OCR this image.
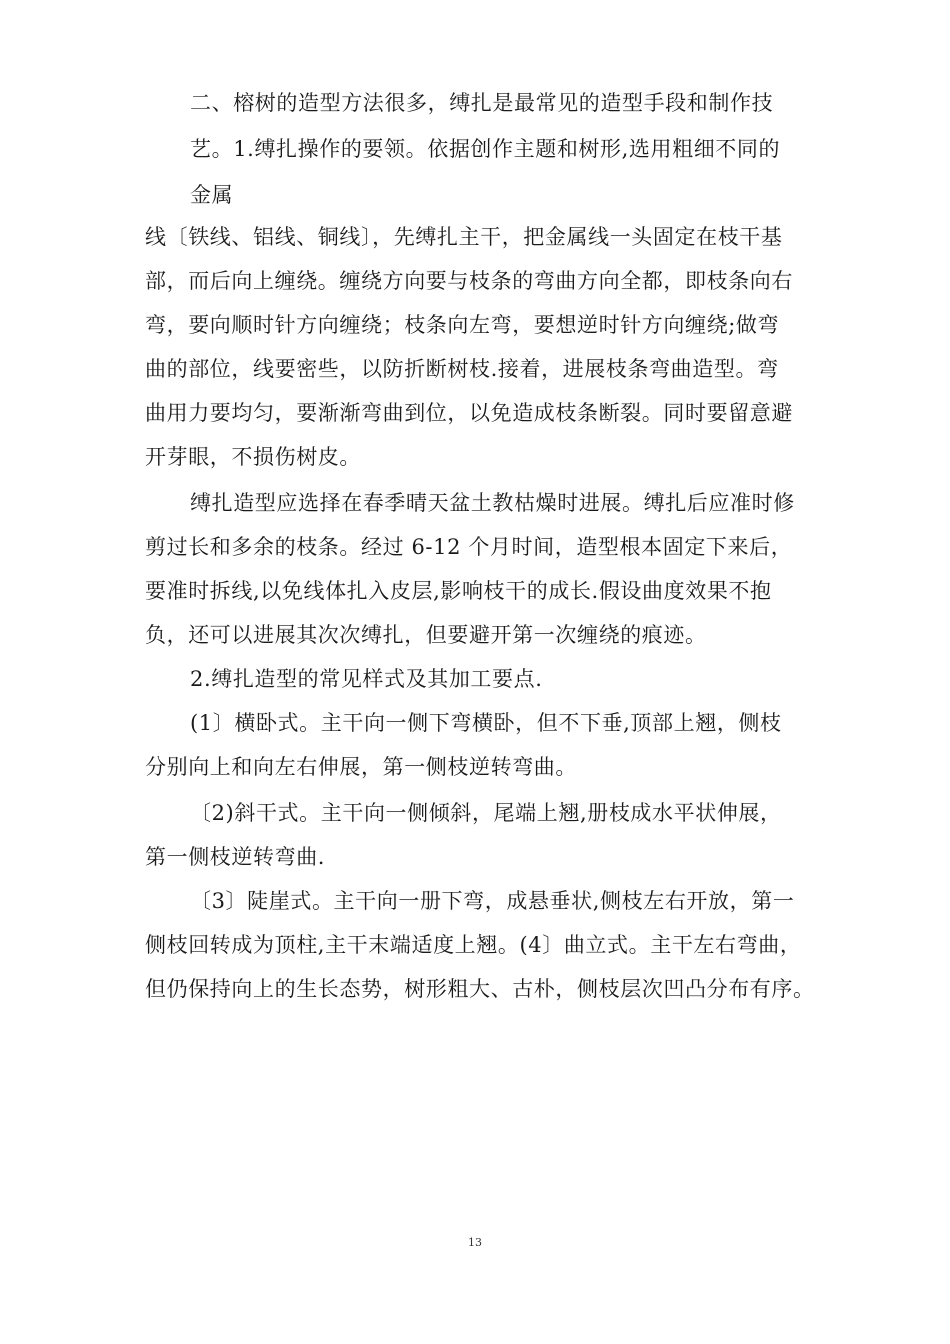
二、榕树的造型方法很多，缚扎是最常见的造型手段和制作技
艺。1.缚扎操作的要领。依据创作主题和树形,选用粗细不同的
金属
线〔铁线、铝线、铜线〕，先缚扎主干，把金属线一头固定在枝干基
部，而后向上缠绕。缠绕方向要与枝条的弯曲方向全都，即枝条向右
弯，要向顺时针方向缠绕；枝条向左弯，要想逆时针方向缠绕;做弯
曲的部位，线要密些，以防折断树枝.接着，进展枝条弯曲造型。弯
曲用力要均匀，要渐渐弯曲到位，以免造成枝条断裂。同时要留意避
开芽眼，不损伤树皮。
缚扎造型应选择在春季晴天盆土教枯燥时进展。缚扎后应准时修
剪过长和多余的枝条。经过 6-12 个月时间，造型根本固定下来后，
要准时拆线,以免线体扎入皮层,影响枝干的成长.假设曲度效果不抱
负，还可以进展其次次缚扎，但要避开第一次缠绕的痕迹。
2.缚扎造型的常见样式及其加工要点.
(1〕横卧式。主干向一侧下弯横卧，但不下垂,顶部上翘，侧枝
分别向上和向左右伸展，第一侧枝逆转弯曲。
〔2)斜干式。主干向一侧倾斜，尾端上翘,册枝成水平状伸展，
第一侧枝逆转弯曲.
〔3〕陡崖式。主干向一册下弯，成悬垂状,侧枝左右开放，第一
侧枝回转成为顶柱,主干末端适度上翘。(4〕曲立式。主干左右弯曲，
但仍保持向上的生长态势，树形粗大、古朴，侧枝层次凹凸分布有序。
13
